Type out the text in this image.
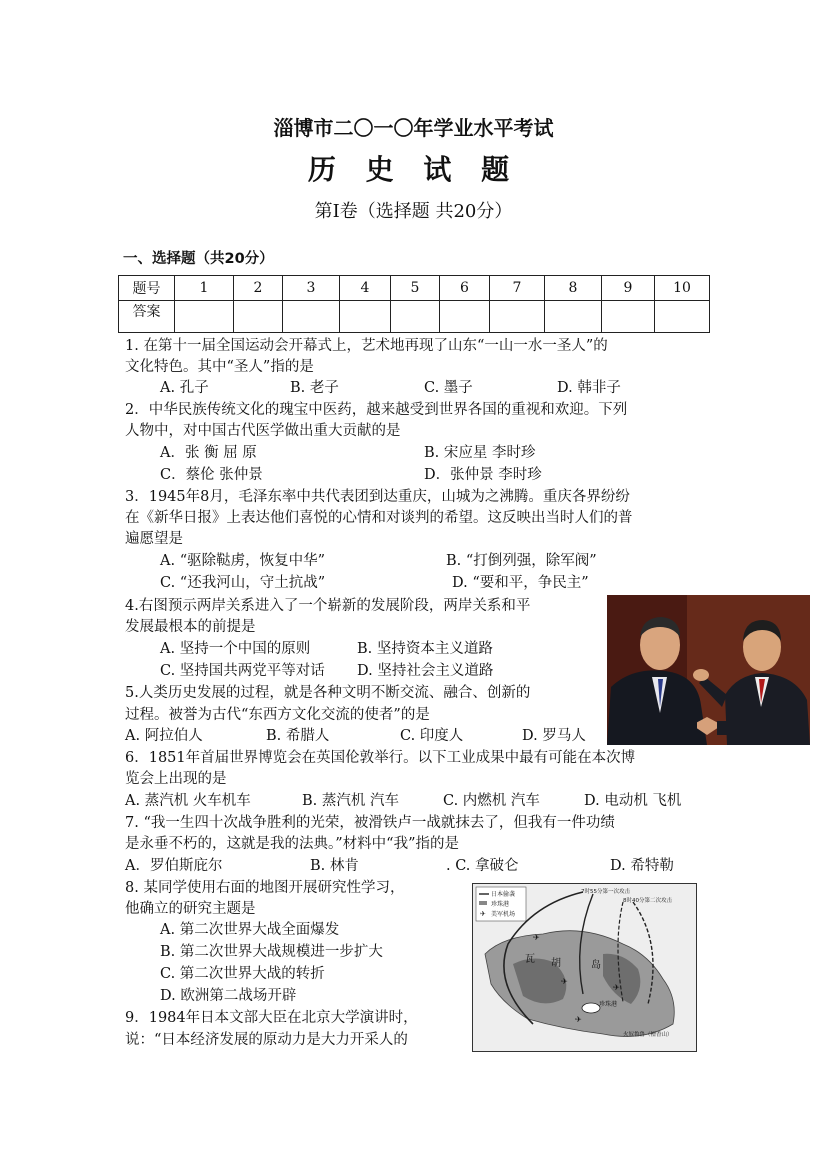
淄博市二〇一〇年学业水平考试
历 史 试 题
第Ⅰ卷（选择题 共20分）
一、选择题（共20分）
题号	1	2	3	4	5	6	7	8	9	10
答案										
1. 在第十一届全国运动会开幕式上，艺术地再现了山东“一山一水一圣人”的
文化特色。其中“圣人”指的是
A. 孔子	B. 老子	C. 墨子	D. 韩非子
2．中华民族传统文化的瑰宝中医药，越来越受到世界各国的重视和欢迎。下列
人物中，对中国古代医学做出重大贡献的是
A．张 衡 屈 原	B. 宋应星 李时珍
C．蔡伦 张仲景	D．张仲景 李时珍
3．1945年8月，毛泽东率中共代表团到达重庆，山城为之沸腾。重庆各界纷纷
在《新华日报》上表达他们喜悦的心情和对谈判的希望。这反映出当时人们的普
遍愿望是
A. “驱除鞑虏，恢复中华”	B. “打倒列强，除军阀”
C. “还我河山，守土抗战”	D. “要和平，争民主”
4.右图预示两岸关系进入了一个崭新的发展阶段，两岸关系和平
发展最根本的前提是
A. 坚持一个中国的原则	B. 坚持资本主义道路
C. 坚持国共两党平等对话 D. 坚持社会主义道路
5.人类历史发展的过程，就是各种文明不断交流、融合、创新的
过程。被誉为古代“东西方文化交流的使者”的是
A. 阿拉伯人	B. 希腊人	C. 印度人	D. 罗马人
6．1851年首届世界博览会在英国伦敦举行。以下工业成果中最有可能在本次博
览会上出现的是
A. 蒸汽机 火车机车	B. 蒸汽机 汽车	C. 内燃机 汽车	D. 电动机 飞机
7. “我一生四十次战争胜利的光荣，被滑铁卢一战就抹去了，但我有一件功绩
是永垂不朽的，这就是我的法典。”材料中“我”指的是
A．罗伯斯庇尔	B. 林肯	. C. 拿破仑	D. 希特勒
8. 某同学使用右面的地图开展研究性学习，
他确立的研究主题是
A. 第二次世界大战全面爆发
B. 第二次世界大战规模进一步扩大
C. 第二次世界大战的转折
D. 欧洲第二战场开辟
日本偷袭
珍珠港
✈ 美军机场
7时55分第一次攻击
8时40分第二次攻击
瓦 胡	岛
珍珠港
✈
✈
✈
✈
火奴鲁鲁（檀香山）
9．1984年日本文部大臣在北京大学演讲时，
说：“日本经济发展的原动力是大力开采人的
